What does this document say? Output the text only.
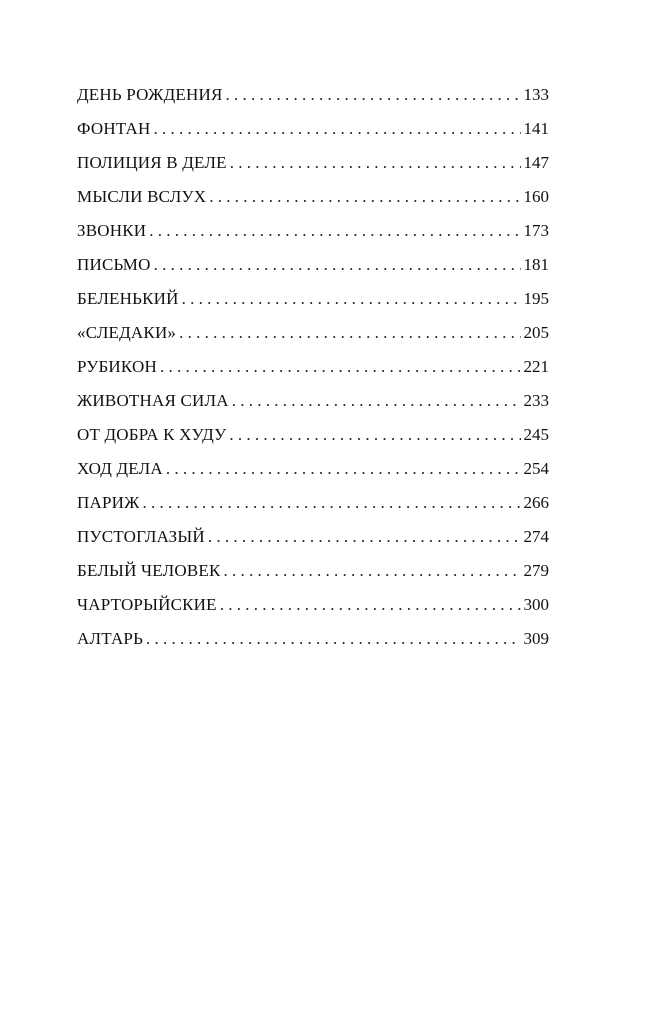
ДЕНЬ РОЖДЕНИЯ . . .	133
ФОНТАН . . .	141
ПОЛИЦИЯ В ДЕЛЕ . . .	147
МЫСЛИ ВСЛУХ . . .	160
ЗВОНКИ . . .	173
ПИСЬМО . . .	181
БЕЛЕНЬКИЙ . . .	195
«СЛЕДАКИ» . . .	205
РУБИКОН . . .	221
ЖИВОТНАЯ СИЛА . . .	233
ОТ ДОБРА К ХУДУ . . .	245
ХОД ДЕЛА . . .	254
ПАРИЖ . . .	266
ПУСТОГЛАЗЫЙ . . .	274
БЕЛЫЙ ЧЕЛОВЕК . . .	279
ЧАРТОРЫЙСКИЕ . . .	300
АЛТАРЬ . . .	309
